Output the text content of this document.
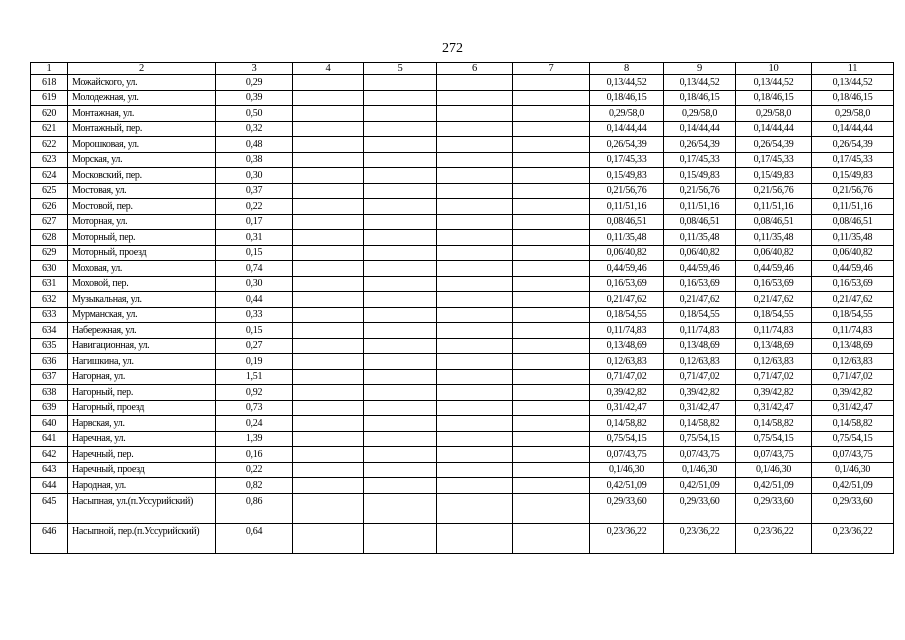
272
1	2	3	4	5	6	7	8	9	10	11
618	Можайского, ул.	0,29					0,13/44,52	0,13/44,52	0,13/44,52	0,13/44,52
619	Молодежная, ул.	0,39					0,18/46,15	0,18/46,15	0,18/46,15	0,18/46,15
620	Монтажная, ул.	0,50					0,29/58,0	0,29/58,0	0,29/58,0	0,29/58,0
621	Монтажный, пер.	0,32					0,14/44,44	0,14/44,44	0,14/44,44	0,14/44,44
622	Морошковая, ул.	0,48					0,26/54,39	0,26/54,39	0,26/54,39	0,26/54,39
623	Морская, ул.	0,38					0,17/45,33	0,17/45,33	0,17/45,33	0,17/45,33
624	Московский, пер.	0,30					0,15/49,83	0,15/49,83	0,15/49,83	0,15/49,83
625	Мостовая, ул.	0,37					0,21/56,76	0,21/56,76	0,21/56,76	0,21/56,76
626	Мостовой, пер.	0,22					0,11/51,16	0,11/51,16	0,11/51,16	0,11/51,16
627	Моторная, ул.	0,17					0,08/46,51	0,08/46,51	0,08/46,51	0,08/46,51
628	Моторный, пер.	0,31					0,11/35,48	0,11/35,48	0,11/35,48	0,11/35,48
629	Моторный, проезд	0,15					0,06/40,82	0,06/40,82	0,06/40,82	0,06/40,82
630	Моховая, ул.	0,74					0,44/59,46	0,44/59,46	0,44/59,46	0,44/59,46
631	Моховой, пер.	0,30					0,16/53,69	0,16/53,69	0,16/53,69	0,16/53,69
632	Музыкальная, ул.	0,44					0,21/47,62	0,21/47,62	0,21/47,62	0,21/47,62
633	Мурманская, ул.	0,33					0,18/54,55	0,18/54,55	0,18/54,55	0,18/54,55
634	Набережная, ул.	0,15					0,11/74,83	0,11/74,83	0,11/74,83	0,11/74,83
635	Навигационная, ул.	0,27					0,13/48,69	0,13/48,69	0,13/48,69	0,13/48,69
636	Нагишкина, ул.	0,19					0,12/63,83	0,12/63,83	0,12/63,83	0,12/63,83
637	Нагорная, ул.	1,51					0,71/47,02	0,71/47,02	0,71/47,02	0,71/47,02
638	Нагорный, пер.	0,92					0,39/42,82	0,39/42,82	0,39/42,82	0,39/42,82
639	Нагорный, проезд	0,73					0,31/42,47	0,31/42,47	0,31/42,47	0,31/42,47
640	Нарвская, ул.	0,24					0,14/58,82	0,14/58,82	0,14/58,82	0,14/58,82
641	Наречная, ул.	1,39					0,75/54,15	0,75/54,15	0,75/54,15	0,75/54,15
642	Наречный, пер.	0,16					0,07/43,75	0,07/43,75	0,07/43,75	0,07/43,75
643	Наречный, проезд	0,22					0,1/46,30	0,1/46,30	0,1/46,30	0,1/46,30
644	Народная, ул.	0,82					0,42/51,09	0,42/51,09	0,42/51,09	0,42/51,09
645	Насыпная, ул.(п.Уссурийский)	0,86					0,29/33,60	0,29/33,60	0,29/33,60	0,29/33,60
646	Насыпной, пер.(п.Уссурийский)	0,64					0,23/36,22	0,23/36,22	0,23/36,22	0,23/36,22
